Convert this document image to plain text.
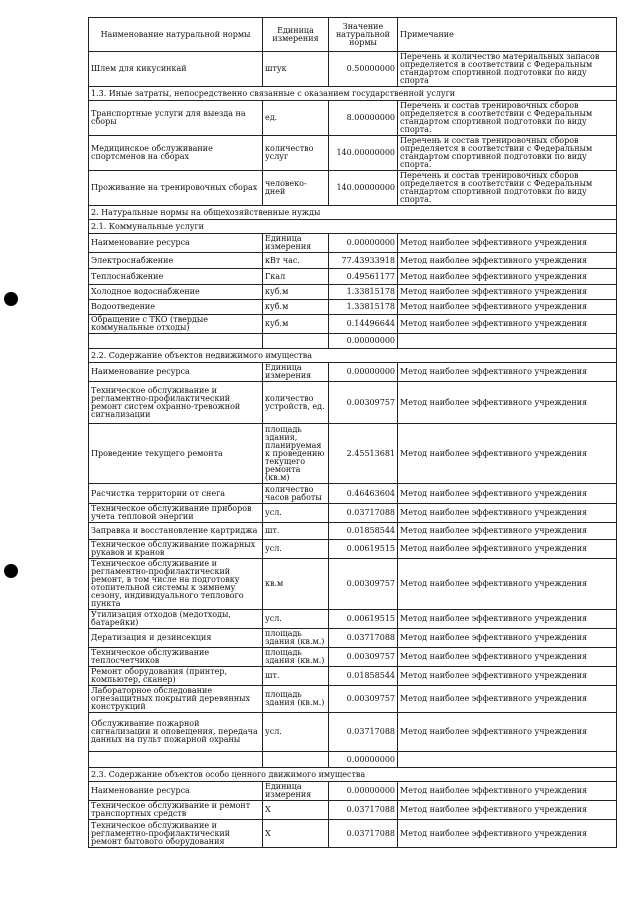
Наименование натуральной нормы	Единица измерения	Значение натуральной нормы	Примечание
Шлем для кикусинкай	штук	0.50000000	Перечень и количество материальных запасов определяется в соответствии с Федеральным стандартом спортивной подготовки по виду спорта
1.3. Иные затраты, непосредственно связанные с оказанием государственной услуги			
Транспортные услуги для выезда на сборы	ед.	8.00000000	Перечень и состав тренировочных сборов определяется в соответствии с Федеральным стандартом спортивной подготовки по виду спорта.
Медицинское обслуживание спортсменов на сборах	количество услуг	140.00000000	Перечень и состав тренировочных сборов определяется в соответствии с Федеральным стандартом спортивной подготовки по виду спорта.
Проживание на тренировочных сборах	человеко-дней	140.00000000	Перечень и состав тренировочных сборов определяется в соответствии с Федеральным стандартом спортивной подготовки по виду спорта.
2. Натуральные нормы на общехозяйственные нужды			
2.1. Коммунальные услуги			
Наименование ресурса	Единица измерения	0.00000000	Метод наиболее эффективного учреждения
Электроснабжение	кВт час.	77.43933918	Метод наиболее эффективного учреждения
Теплоснабжение	Гкал	0.49561177	Метод наиболее эффективного учреждения
Холодное водоснабжение	куб.м	1.33815178	Метод наиболее эффективного учреждения
Водоотведение	куб.м	1.33815178	Метод наиболее эффективного учреждения
Обращение с ТКО (твердые коммунальные отходы)	куб.м	0.14496644	Метод наиболее эффективного учреждения
		0.00000000	
2.2. Содержание объектов недвижимого имущества			
Наименование ресурса	Единица измерения	0.00000000	Метод наиболее эффективного учреждения
Техническое обслуживание и регламентно-профилактический ремонт систем охранно-тревожной сигнализации	количество устройств, ед.	0.00309757	Метод наиболее эффективного учреждения
Проведение текущего ремонта	площадь здания, планируемая к проведению текущего ремонта (кв.м)	2.45513681	Метод наиболее эффективного учреждения
Расчистка территории от снега	количество часов работы	0.46463604	Метод наиболее эффективного учреждения
Техническое обслуживание приборов учета тепловой энергии	усл.	0.03717088	Метод наиболее эффективного учреждения
Заправка и восстановление картриджа	шт.	0.01858544	Метод наиболее эффективного учреждения
Техническое обслуживание пожарных рукавов и кранов	усл.	0.00619515	Метод наиболее эффективного учреждения
Техническое обслуживание и регламентно-профилактический ремонт, в том числе на подготовку отопительной системы к зимнему сезону, индивидуального теплового пункта	кв.м	0.00309757	Метод наиболее эффективного учреждения
Утилизация отходов (медотходы, батарейки)	усл.	0.00619515	Метод наиболее эффективного учреждения
Дератизация и дезинсекция	площадь здания (кв.м.)	0.03717088	Метод наиболее эффективного учреждения
Техническое обслуживание теплосчетчиков	площадь здания (кв.м.)	0.00309757	Метод наиболее эффективного учреждения
Ремонт оборудования (принтер, компьютер, сканер)	шт.	0.01858544	Метод наиболее эффективного учреждения
Лабораторное обследование огнезащитных покрытий деревянных конструкций	площадь здания (кв.м.)	0.00309757	Метод наиболее эффективного учреждения
Обслуживание пожарной сигнализации и оповещения, передача данных на пульт пожарной охраны	усл.	0.03717088	Метод наиболее эффективного учреждения
		0.00000000	
2.3. Содержание объектов особо ценного движимого имущества			
Наименование ресурса	Единица измерения	0.00000000	Метод наиболее эффективного учреждения
Техническое обслуживание и ремонт транспортных средств	Х	0.03717088	Метод наиболее эффективного учреждения
Техническое обслуживание и регламентно-профилактический ремонт бытового оборудования	Х	0.03717088	Метод наиболее эффективного учреждения
